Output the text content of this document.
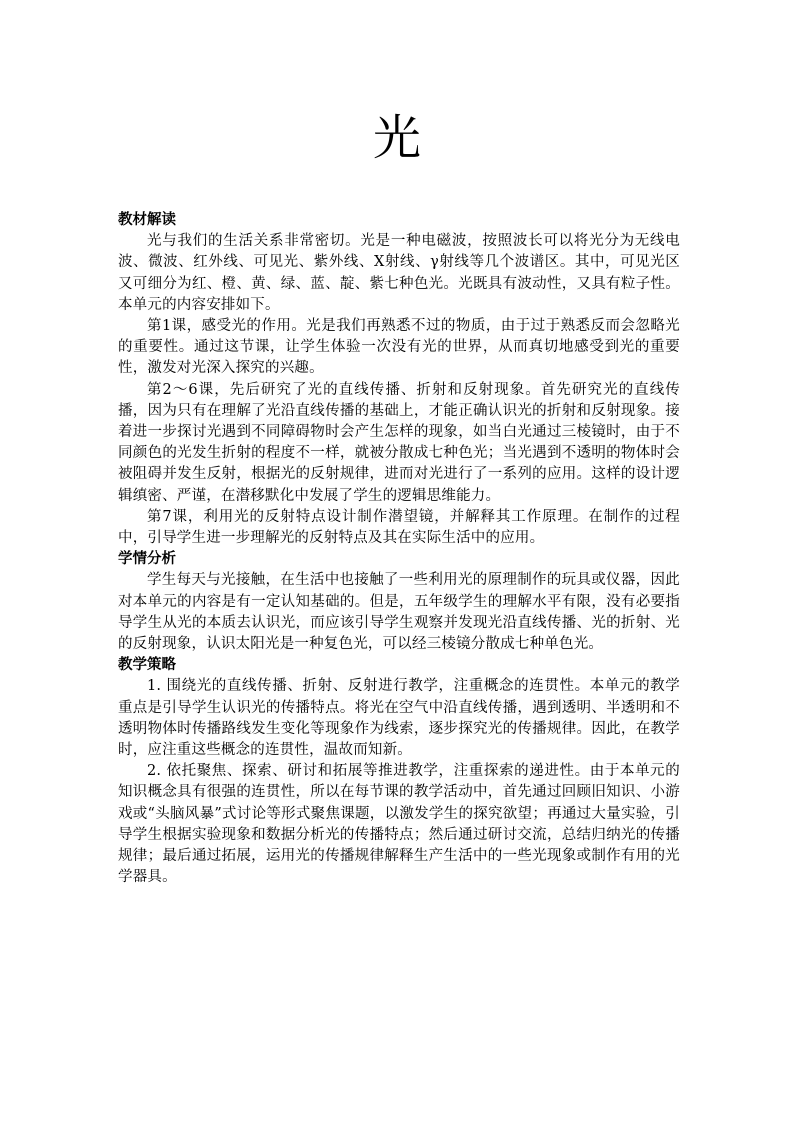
光
教材解读

光与我们的生活关系非常密切。光是一种电磁波，按照波长可以将光分为无线电波、微波、红外线、可见光、紫外线、X射线、γ射线等几个波谱区。其中，可见光区又可细分为红、橙、黄、绿、蓝、靛、紫七种色光。光既具有波动性，又具有粒子性。本单元的内容安排如下。

第1课，感受光的作用。光是我们再熟悉不过的物质，由于过于熟悉反而会忽略光的重要性。通过这节课，让学生体验一次没有光的世界，从而真切地感受到光的重要性，激发对光深入探究的兴趣。

第2～6课，先后研究了光的直线传播、折射和反射现象。首先研究光的直线传播，因为只有在理解了光沿直线传播的基础上，才能正确认识光的折射和反射现象。接着进一步探讨光遇到不同障碍物时会产生怎样的现象，如当白光通过三棱镜时，由于不同颜色的光发生折射的程度不一样，就被分散成七种色光；当光遇到不透明的物体时会被阻碍并发生反射，根据光的反射规律，进而对光进行了一系列的应用。这样的设计逻辑缜密、严谨，在潜移默化中发展了学生的逻辑思维能力。

第7课，利用光的反射特点设计制作潜望镜，并解释其工作原理。在制作的过程中，引导学生进一步理解光的反射特点及其在实际生活中的应用。

学情分析

学生每天与光接触，在生活中也接触了一些利用光的原理制作的玩具或仪器，因此对本单元的内容是有一定认知基础的。但是，五年级学生的理解水平有限，没有必要指导学生从光的本质去认识光，而应该引导学生观察并发现光沿直线传播、光的折射、光的反射现象，认识太阳光是一种复色光，可以经三棱镜分散成七种单色光。

教学策略

1. 围绕光的直线传播、折射、反射进行教学，注重概念的连贯性。本单元的教学重点是引导学生认识光的传播特点。将光在空气中沿直线传播，遇到透明、半透明和不透明物体时传播路线发生变化等现象作为线索，逐步探究光的传播规律。因此，在教学时，应注重这些概念的连贯性，温故而知新。

2. 依托聚焦、探索、研讨和拓展等推进教学，注重探索的递进性。由于本单元的知识概念具有很强的连贯性，所以在每节课的教学活动中，首先通过回顾旧知识、小游戏或“头脑风暴”式讨论等形式聚焦课题，以激发学生的探究欲望；再通过大量实验，引导学生根据实验现象和数据分析光的传播特点；然后通过研讨交流，总结归纳光的传播规律；最后通过拓展，运用光的传播规律解释生产生活中的一些光现象或制作有用的光学器具。
